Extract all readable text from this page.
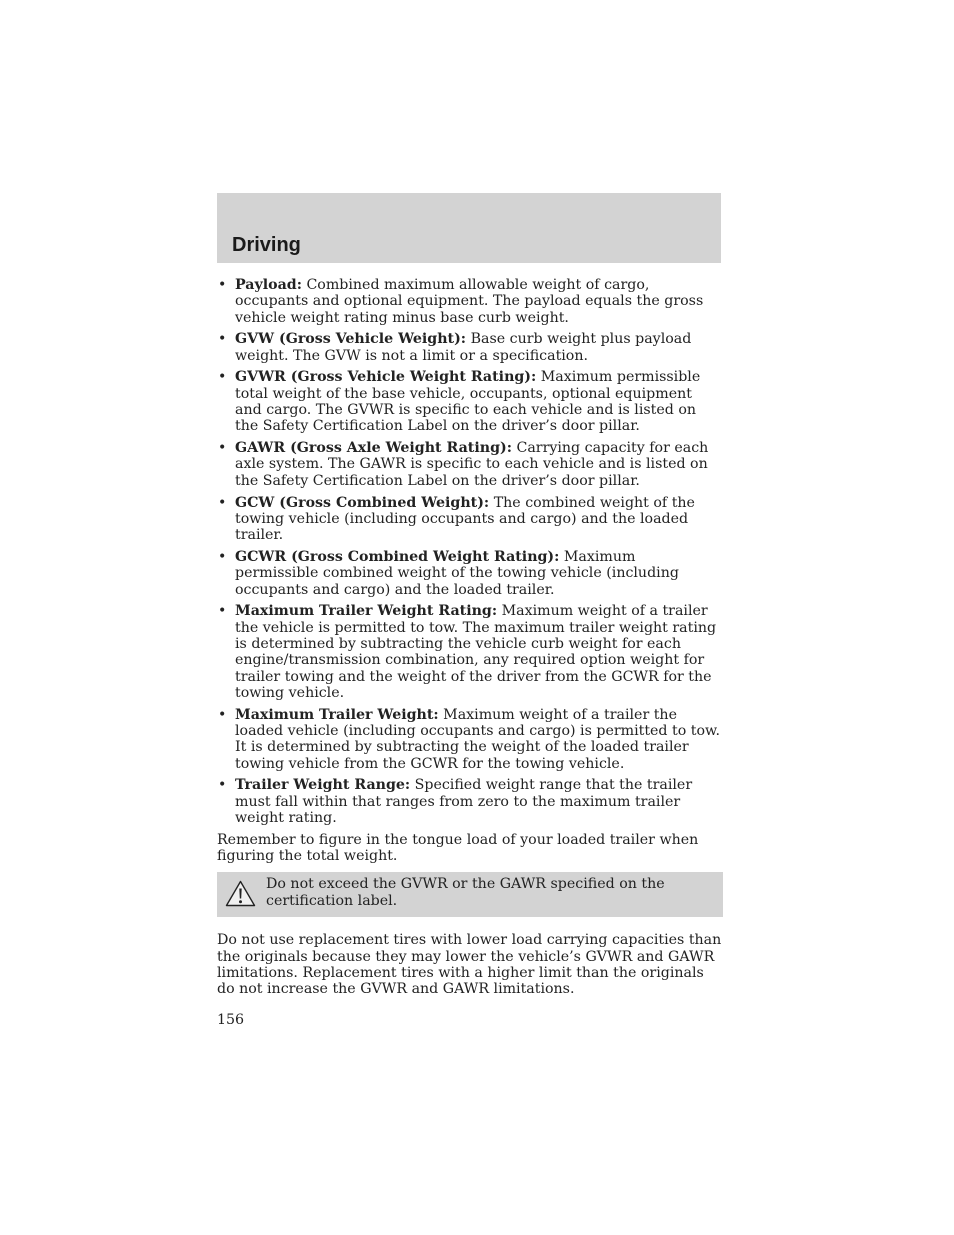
Driving
• Payload: Combined maximum allowable weight of cargo, occupants and optional equipment. The payload equals the gross vehicle weight rating minus base curb weight.
• GVW (Gross Vehicle Weight): Base curb weight plus payload weight. The GVW is not a limit or a specification.
• GVWR (Gross Vehicle Weight Rating): Maximum permissible total weight of the base vehicle, occupants, optional equipment and cargo. The GVWR is specific to each vehicle and is listed on the Safety Certification Label on the driver’s door pillar.
• GAWR (Gross Axle Weight Rating): Carrying capacity for each axle system. The GAWR is specific to each vehicle and is listed on the Safety Certification Label on the driver’s door pillar.
• GCW (Gross Combined Weight): The combined weight of the towing vehicle (including occupants and cargo) and the loaded trailer.
• GCWR (Gross Combined Weight Rating): Maximum permissible combined weight of the towing vehicle (including occupants and cargo) and the loaded trailer.
• Maximum Trailer Weight Rating: Maximum weight of a trailer the vehicle is permitted to tow. The maximum trailer weight rating is determined by subtracting the vehicle curb weight for each engine/transmission combination, any required option weight for trailer towing and the weight of the driver from the GCWR for the towing vehicle.
• Maximum Trailer Weight: Maximum weight of a trailer the loaded vehicle (including occupants and cargo) is permitted to tow. It is determined by subtracting the weight of the loaded trailer towing vehicle from the GCWR for the towing vehicle.
• Trailer Weight Range: Specified weight range that the trailer must fall within that ranges from zero to the maximum trailer weight rating.

Remember to figure in the tongue load of your loaded trailer when figuring the total weight.

Do not exceed the GVWR or the GAWR specified on the certification label.

Do not use replacement tires with lower load carrying capacities than the originals because they may lower the vehicle’s GVWR and GAWR limitations. Replacement tires with a higher limit than the originals do not increase the GVWR and GAWR limitations.

156
